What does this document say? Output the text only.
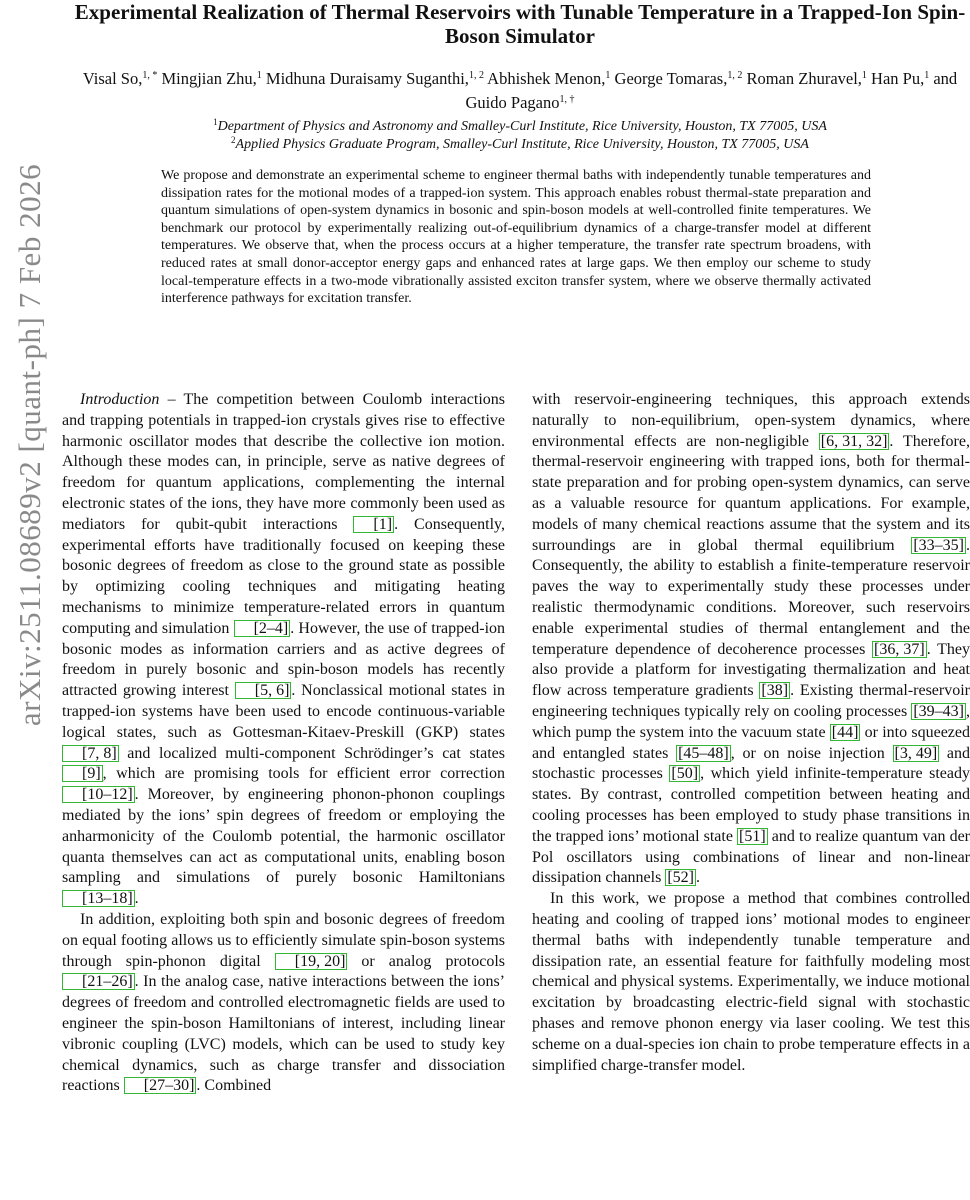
arXiv:2511.08689v2 [quant-ph] 7 Feb 2026
Experimental Realization of Thermal Reservoirs with Tunable Temperature in a Trapped-Ion Spin-Boson Simulator
Visal So,$^{1, *}$ Mingjian Zhu,$^1$ Midhuna Duraisamy Suganthi,$^{1, 2}$ Abhishek Menon,$^1$ George Tomaras,$^{1, 2}$ Roman Zhuravel,$^1$ Han Pu,$^1$ and Guido Pagano$^{1, \dagger}$
$^1$Department of Physics and Astronomy and Smalley-Curl Institute, Rice University, Houston, TX 77005, USA
$^2$Applied Physics Graduate Program, Smalley-Curl Institute, Rice University, Houston, TX 77005, USA
We propose and demonstrate an experimental scheme to engineer thermal baths with independently tunable temperatures and dissipation rates for the motional modes of a trapped-ion system. This approach enables robust thermal-state preparation and quantum simulations of open-system dynamics in bosonic and spin-boson models at well-controlled finite temperatures. We benchmark our protocol by experimentally realizing out-of-equilibrium dynamics of a charge-transfer model at different temperatures. We observe that, when the process occurs at a higher temperature, the transfer rate spectrum broadens, with reduced rates at small donor-acceptor energy gaps and enhanced rates at large gaps. We then employ our scheme to study local-temperature effects in a two-mode vibrationally assisted exciton transfer system, where we observe thermally activated interference pathways for excitation transfer.

Introduction – The competition between Coulomb interactions and trapping potentials in trapped-ion crystals gives rise to effective harmonic oscillator modes that describe the collective ion motion. Although these modes can, in principle, serve as native degrees of freedom for quantum applications, complementing the internal electronic states of the ions, they have more commonly been used as mediators for qubit-qubit interactions [1] . Consequently, experimental efforts have traditionally focused on keeping these bosonic degrees of freedom as close to the ground state as possible by optimizing cooling techniques and mitigating heating mechanisms to minimize temperature-related errors in quantum computing and simulation [2–4] . However, the use of trapped-ion bosonic modes as information carriers and as active degrees of freedom in purely bosonic and spin-boson models has recently attracted growing interest [5, 6] . Nonclassical motional states in trapped-ion systems have been used to encode continuous-variable logical states, such as Gottesman-Kitaev-Preskill (GKP) states [7, 8] and localized multi-component Schrödinger’s cat states [9] , which are promising tools for efficient error correction [10–12] . Moreover, by engineering phonon-phonon couplings mediated by the ions’ spin degrees of freedom or employing the anharmonicity of the Coulomb potential, the harmonic oscillator quanta themselves can act as computational units, enabling boson sampling and simulations of purely bosonic Hamiltonians [13–18] .

In addition, exploiting both spin and bosonic degrees of freedom on equal footing allows us to efficiently simulate spin-boson systems through spin-phonon digital [19, 20] or analog protocols [21–26] . In the analog case, native interactions between the ions’ degrees of freedom and controlled electromagnetic fields are used to engineer the spin-boson Hamiltonians of interest, including linear vibronic coupling (LVC) models, which can be used to study key chemical dynamics, such as charge transfer and dissociation reactions [27–30] . Combined

with reservoir-engineering techniques, this approach extends naturally to non-equilibrium, open-system dynamics, where environmental effects are non-negligible [6, 31, 32] . Therefore, thermal-reservoir engineering with trapped ions, both for thermal-state preparation and for probing open-system dynamics, can serve as a valuable resource for quantum applications. For example, models of many chemical reactions assume that the system and its surroundings are in global thermal equilibrium [33–35] . Consequently, the ability to establish a finite-temperature reservoir paves the way to experimentally study these processes under realistic thermodynamic conditions. Moreover, such reservoirs enable experimental studies of thermal entanglement and the temperature dependence of decoherence processes [36, 37] . They also provide a platform for investigating thermalization and heat flow across temperature gradients [38] . Existing thermal-reservoir engineering techniques typically rely on cooling processes [39–43] , which pump the system into the vacuum state [44] or into squeezed and entangled states [45–48] , or on noise injection [3, 49] and stochastic processes [50] , which yield infinite-temperature steady states. By contrast, controlled competition between heating and cooling processes has been employed to study phase transitions in the trapped ions’ motional state [51] and to realize quantum van der Pol oscillators using combinations of linear and non-linear dissipation channels [52] .

In this work, we propose a method that combines controlled heating and cooling of trapped ions’ motional modes to engineer thermal baths with independently tunable temperature and dissipation rate, an essential feature for faithfully modeling most chemical and physical systems. Experimentally, we induce motional excitation by broadcasting electric-field signal with stochastic phases and remove phonon energy via laser cooling. We test this scheme on a dual-species ion chain to probe temperature effects in a simplified charge-transfer model.
